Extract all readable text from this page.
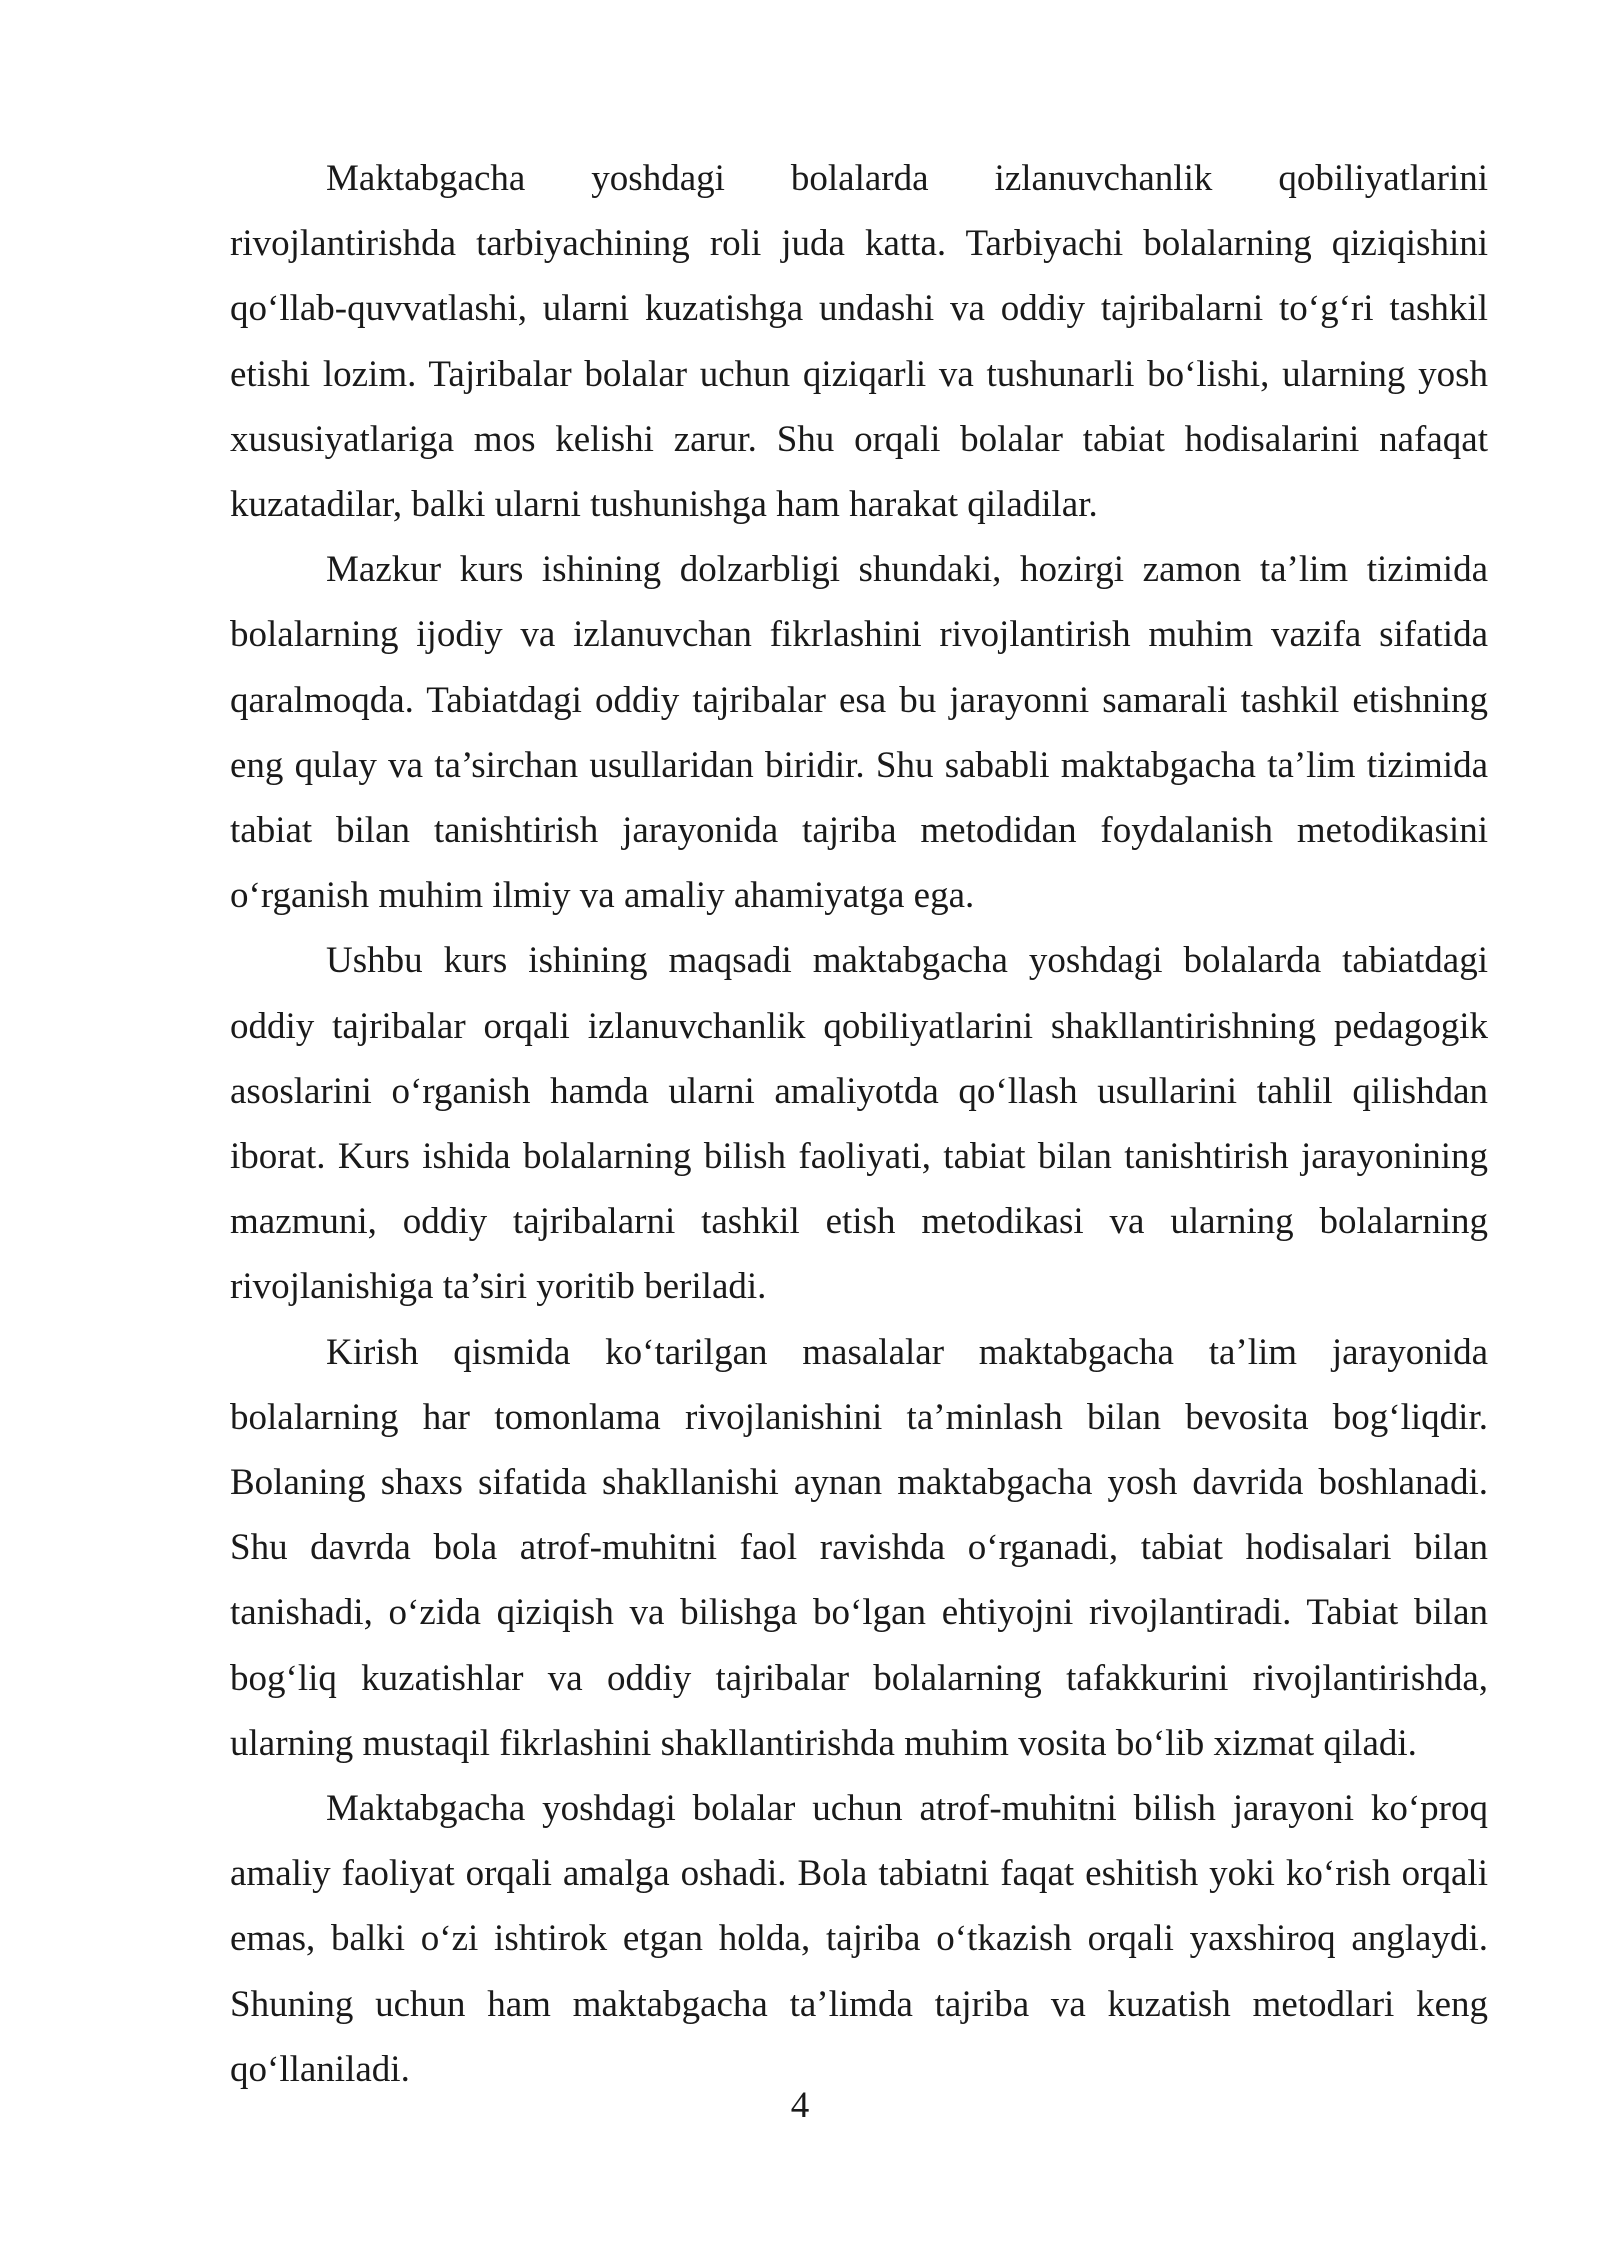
Maktabgacha yoshdagi bolalarda izlanuvchanlik qobiliyatlarini rivojlantirishda tarbiyachining roli juda katta. Tarbiyachi bolalarning qiziqishini qo‘llab-quvvatlashi, ularni kuzatishga undashi va oddiy tajribalarni to‘g‘ri tashkil etishi lozim. Tajribalar bolalar uchun qiziqarli va tushunarli bo‘lishi, ularning yosh xususiyatlariga mos kelishi zarur. Shu orqali bolalar tabiat hodisalarini nafaqat kuzatadilar, balki ularni tushunishga ham harakat qiladilar.

Mazkur kurs ishining dolzarbligi shundaki, hozirgi zamon ta’lim tizimida bolalarning ijodiy va izlanuvchan fikrlashini rivojlantirish muhim vazifa sifatida qaralmoqda. Tabiatdagi oddiy tajribalar esa bu jarayonni samarali tashkil etishning eng qulay va ta’sirchan usullaridan biridir. Shu sababli maktabgacha ta’lim tizimida tabiat bilan tanishtirish jarayonida tajriba metodidan foydalanish metodikasini o‘rganish muhim ilmiy va amaliy ahamiyatga ega.

Ushbu kurs ishining maqsadi maktabgacha yoshdagi bolalarda tabiatdagi oddiy tajribalar orqali izlanuvchanlik qobiliyatlarini shakllantirishning pedagogik asoslarini o‘rganish hamda ularni amaliyotda qo‘llash usullarini tahlil qilishdan iborat. Kurs ishida bolalarning bilish faoliyati, tabiat bilan tanishtirish jarayonining mazmuni, oddiy tajribalarni tashkil etish metodikasi va ularning bolalarning rivojlanishiga ta’siri yoritib beriladi.

Kirish qismida ko‘tarilgan masalalar maktabgacha ta’lim jarayonida bolalarning har tomonlama rivojlanishini ta’minlash bilan bevosita bog‘liqdir. Bolaning shaxs sifatida shakllanishi aynan maktabgacha yosh davrida boshlanadi. Shu davrda bola atrof-muhitni faol ravishda o‘rganadi, tabiat hodisalari bilan tanishadi, o‘zida qiziqish va bilishga bo‘lgan ehtiyojni rivojlantiradi. Tabiat bilan bog‘liq kuzatishlar va oddiy tajribalar bolalarning tafakkurini rivojlantirishda, ularning mustaqil fikrlashini shakllantirishda muhim vosita bo‘lib xizmat qiladi.

Maktabgacha yoshdagi bolalar uchun atrof-muhitni bilish jarayoni ko‘proq amaliy faoliyat orqali amalga oshadi. Bola tabiatni faqat eshitish yoki ko‘rish orqali emas, balki o‘zi ishtirok etgan holda, tajriba o‘tkazish orqali yaxshiroq anglaydi. Shuning uchun ham maktabgacha ta’limda tajriba va kuzatish metodlari keng qo‘llaniladi.

4
